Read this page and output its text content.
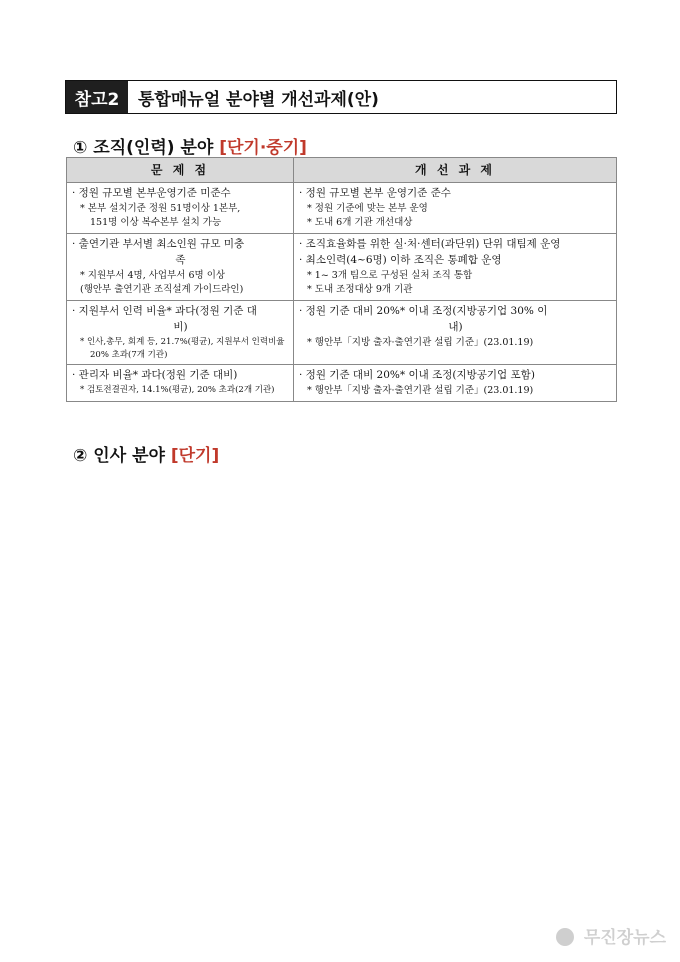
참고2	통합매뉴얼 분야별 개선과제(안)
① 조직(인력) 분야 [단기·중기]
문 제 점	개 선 과 제

· 정원 규모별 본부운영기준 미준수
* 본부 설치기준 정원 51명이상 1본부,
151명 이상 복수본부 설치 가능	· 정원 규모별 본부 운영기준 준수
* 정원 기준에 맞는 본부 운영
* 도내 6개 기관 개선대상

· 출연기관 부서별 최소인원 규모 미충
족
* 지원부서 4명, 사업부서 6명 이상
(행안부 출연기관 조직설계 가이드라인)	· 조직효율화를 위한 실·처·센터(과단위) 단위 대팀제 운영
· 최소인력(4~6명) 이하 조직은 통폐합 운영
* 1~ 3개 팀으로 구성된 실처 조직 통합
* 도내 조정대상 9개 기관

· 지원부서 인력 비율* 과다(정원 기준 대
비)
* 인사,총무, 회계 등, 21.7%(평균), 지원부서 인력비율
20% 초과(7개 기관)	· 정원 기준 대비 20%* 이내 조정(지방공기업 30% 이
내)
* 행안부「지방 출자·출연기관 설립 기준」(23.01.19)

· 관리자 비율* 과다(정원 기준 대비)
* 검토전결권자, 14.1%(평균), 20% 초과(2개 기관)	· 정원 기준 대비 20%* 이내 조정(지방공기업 포함)
* 행안부「지방 출자·출연기관 설립 기준」(23.01.19)
② 인사 분야 [단기]
무진장뉴스
